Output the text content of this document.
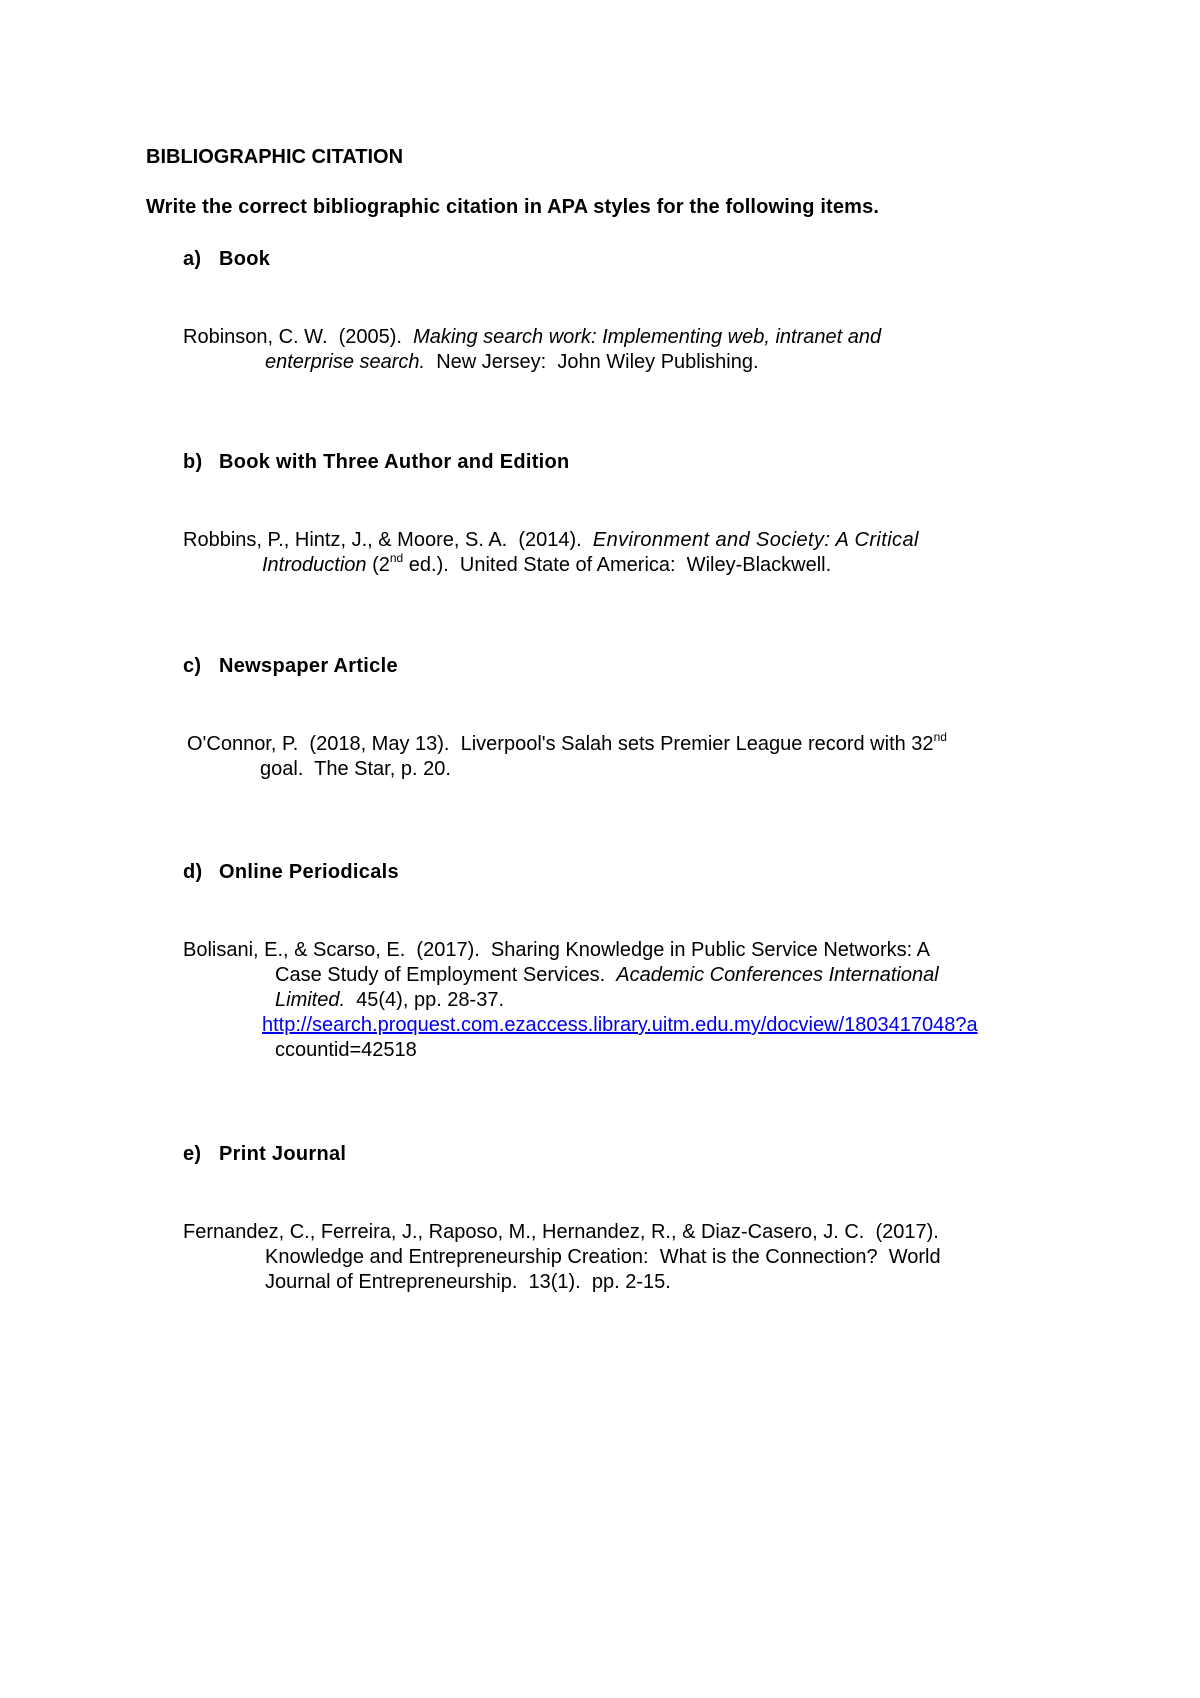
BIBLIOGRAPHIC CITATION
Write the correct bibliographic citation in APA styles for the following items.
a) Book
Robinson, C. W.  (2005).  Making search work: Implementing web, intranet and
enterprise search.  New Jersey:  John Wiley Publishing.
b) Book with Three Author and Edition
Robbins, P., Hintz, J., & Moore, S. A.  (2014).  Environment and Society: A Critical
Introduction (2nd ed.).  United State of America:  Wiley-Blackwell.
c) Newspaper Article
O'Connor, P.  (2018, May 13).  Liverpool's Salah sets Premier League record with 32nd
goal.  The Star, p. 20.
d) Online Periodicals
Bolisani, E., & Scarso, E.  (2017).  Sharing Knowledge in Public Service Networks: A
Case Study of Employment Services.  Academic Conferences International
Limited.  45(4), pp. 28-37.
http://search.proquest.com.ezaccess.library.uitm.edu.my/docview/1803417048?a
ccountid=42518
e) Print Journal
Fernandez, C., Ferreira, J., Raposo, M., Hernandez, R., & Diaz-Casero, J. C.  (2017).
Knowledge and Entrepreneurship Creation:  What is the Connection?  World
Journal of Entrepreneurship.  13(1).  pp. 2-15.
